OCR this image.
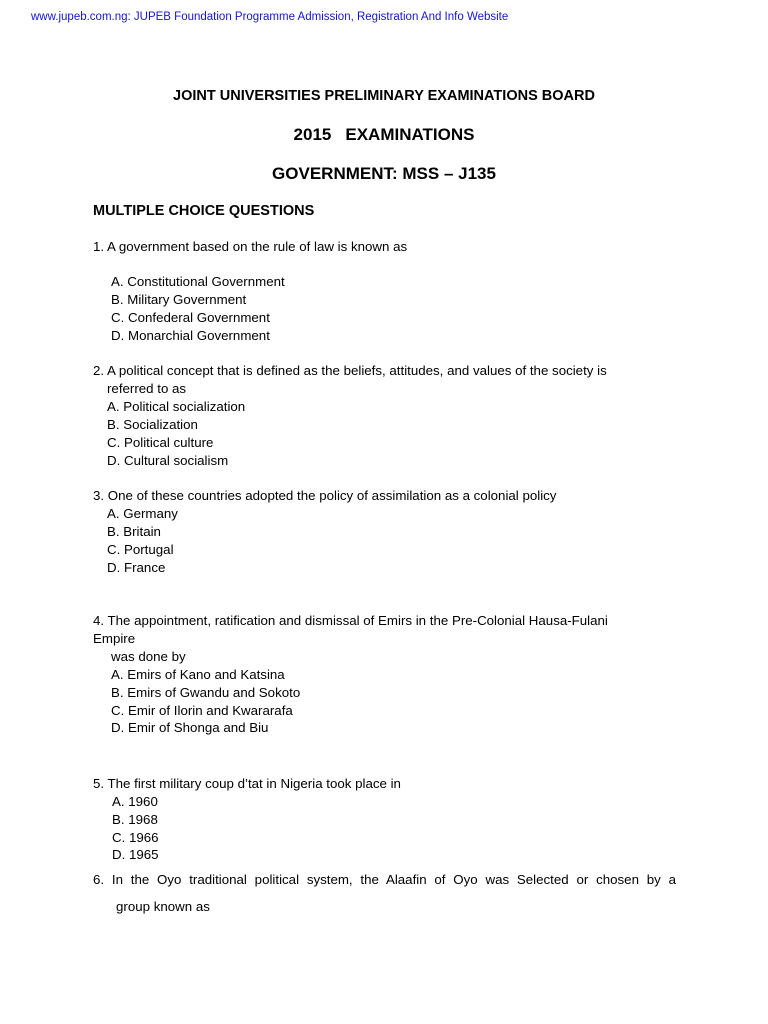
www.jupeb.com.ng: JUPEB Foundation Programme Admission, Registration And Info Website
JOINT UNIVERSITIES PRELIMINARY EXAMINATIONS BOARD
2015 EXAMINATIONS
GOVERNMENT: MSS – J135
MULTIPLE CHOICE QUESTIONS
1. A government based on the rule of law is known as
A. Constitutional Government
B. Military Government
C. Confederal Government
D. Monarchial Government
2. A political concept that is defined as the beliefs, attitudes, and values of the society is
referred to as
A. Political socialization
B. Socialization
C. Political culture
D. Cultural socialism
3. One of these countries adopted the policy of assimilation as a colonial policy
A. Germany
B. Britain
C. Portugal
D. France
4. The appointment, ratification and dismissal of Emirs in the Pre-Colonial Hausa-Fulani
Empire
was done by
A. Emirs of Kano and Katsina
B. Emirs of Gwandu and Sokoto
C. Emir of Ilorin and Kwararafa
D. Emir of Shonga and Biu
5. The first military coup d’tat in Nigeria took place in
A. 1960
B. 1968
C. 1966
D. 1965
6. In the Oyo traditional political system, the Alaafin of Oyo was Selected or chosen by a
group known as
